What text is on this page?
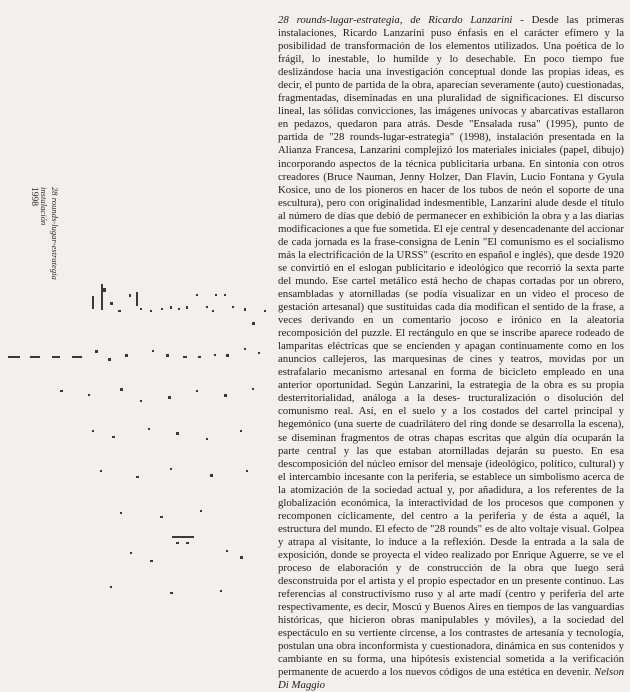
28 rounds-lugar-estrategia
instalación
1998

28 rounds-lugar-estrategia, de Ricardo Lanzarini - Desde las primeras instalaciones, Ricardo Lanzarini puso énfasis en el carácter efímero y la posibilidad de transformación de los elementos utilizados. Una poética de lo frágil, lo inestable, lo humilde y lo desechable. En poco tiempo fue deslizándose hacia una investigación conceptual donde las propias ideas, es decir, el punto de partida de la obra, aparecían severamente (auto) cuestionadas, fragmentadas, diseminadas en una pluralidad de significaciones. El discurso lineal, las sólidas convicciones, las imágenes unívocas y abarcativas estallaron en pedazos, quedaron para atrás. Desde "Ensalada rusa" (1995), punto de partida de "28 rounds-lugar-estrategia" (1998), instalación presentada en la Alianza Francesa, Lanzarini complejizó los materiales iniciales (papel, dibujo) incorporando aspectos de la técnica publicitaria urbana. En sintonía con otros creadores (Bruce Nauman, Jenny Holzer, Dan Flavin, Lucio Fontana y Gyula Kosice, uno de los pioneros en hacer de los tubos de neón el soporte de una escultura), pero con originalidad indesmentible, Lanzarini alude desde el título al número de días que debió de permanecer en exhibición la obra y a las diarias modificaciones a que fue sometida. El eje central y desencadenante del accionar de cada jornada es la frase-consigna de Lenin "El comunismo es el socialismo más la electrificación de la URSS" (escrito en español e inglés), que desde 1920 se convirtió en el eslogan publicitario e ideológico que recorrió la sexta parte del mundo. Ese cartel metálico está hecho de chapas cortadas por un obrero, ensambladas y atornilladas (se podía visualizar en un video el proceso de gestación artesanal) que sustituidas cada día modifican el sentido de la frase, a veces derivando en un comentario jocoso e irónico en la aleatoria recomposición del puzzle. El rectángulo en que se inscribe aparece rodeado de lamparitas eléctricas que se encienden y apagan continuamente como en los anuncios callejeros, las marquesinas de cines y teatros, movidas por un estrafalario mecanismo artesanal en forma de bicicleto empleado en una anterior oportunidad. Según Lanzarini, la estrategia de la obra es su propia desterritorialidad, análoga a la deses- tructuralización o disolución del comunismo real. Así, en el suelo y a los costados del cartel principal y hegemónico (una suerte de cuadrilátero del ring donde se desarrolla la escena), se diseminan fragmentos de otras chapas escritas que algún día ocuparán la parte central y las que estaban atornilladas dejarán su puesto. En esa descomposición del núcleo emisor del mensaje (ideológico, político, cultural) y el intercambio incesante con la periferia, se establece un simbolismo acerca de la atomización de la sociedad actual y, por añadidura, a los referentes de la globalización económica, la interactividad de los procesos que componen y recomponen cíclicamente, del centro a la periferia y de ésta a aquél, la estructura del mundo. El efecto de "28 rounds" es de alto voltaje visual. Golpea y atrapa al visitante, lo induce a la reflexión. Desde la entrada a la sala de exposición, donde se proyecta el video realizado por Enrique Aguerre, se ve el proceso de elaboración y de construcción de la obra que luego será desconstruida por el artista y el propio espectador en un presente continuo. Las referencias al constructivismo ruso y al arte madí (centro y periferia del arte respectivamente, es decir, Moscú y Buenos Aires en tiempos de las vanguardias históricas, que hicieron obras manipulables y móviles), a la sociedad del espectáculo en su vertiente circense, a los contrastes de artesanía y tecnología, postulan una obra inconformista y cuestionadora, dinámica en sus contenidos y cambiante en su forma, una hipótesis existencial sometida a la verificación permanente de acuerdo a los nuevos códigos de una estética en devenir. Nelson Di Maggio
